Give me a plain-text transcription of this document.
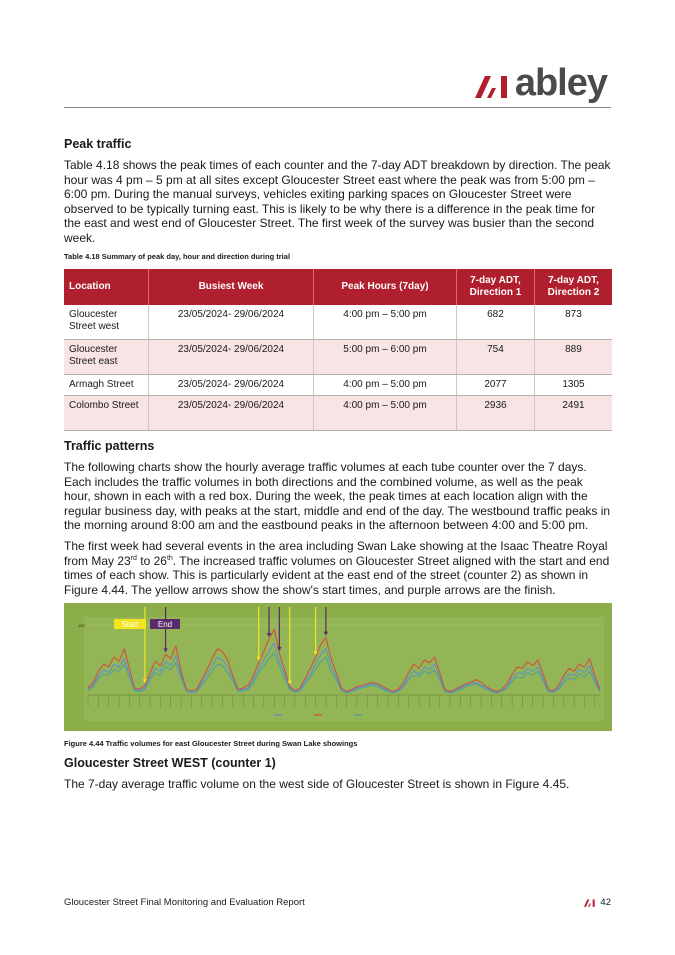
abley
Peak traffic

Table 4.18 shows the peak times of each counter and the 7-day ADT breakdown by direction. The peak hour was 4 pm – 5 pm at all sites except Gloucester Street east where the peak was from 5:00 pm – 6:00 pm. During the manual surveys, vehicles exiting parking spaces on Gloucester Street were observed to be typically turning east. This is likely to be why there is a difference in the peak time for the east and west end of Gloucester Street. The first week of the survey was busier than the second week.

Table 4.18 Summary of peak day, hour and direction during trial
Location	Busiest Week	Peak Hours (7day)	7-day ADT, Direction 1	7-day ADT, Direction 2
Gloucester Street west	23/05/2024- 29/06/2024	4:00 pm – 5:00 pm	682	873
Gloucester Street east	23/05/2024- 29/06/2024	5:00 pm – 6:00 pm	754	889
Armagh Street	23/05/2024- 29/06/2024	4:00 pm – 5:00 pm	2077	1305
Colombo Street	23/05/2024- 29/06/2024	4:00 pm – 5:00 pm	2936	2491
Traffic patterns

The following charts show the hourly average traffic volumes at each tube counter over the 7 days. Each includes the traffic volumes in both directions and the combined volume, as well as the peak hour, shown in each with a red box. During the week, the peak times at each location align with the regular business day, with peaks at the start, middle and end of the day. The westbound traffic peaks in the morning around 8:00 am and the eastbound peaks in the afternoon between 4:00 and 5:00 pm.

The first week had several events in the area including Swan Lake showing at the Isaac Theatre Royal from May 23rd to 26th. The increased traffic volumes on Gloucester Street aligned with the start and end times of each show. This is particularly evident at the east end of the street (counter 2) as shown in Figure 4.44. The yellow arrows show the show's start times, and purple arrows are the finish.

100	Start End
Figure 4.44 Traffic volumes for east Gloucester Street during Swan Lake showings
Gloucester Street WEST (counter 1)

The 7-day average traffic volume on the west side of Gloucester Street is shown in Figure 4.45.

Gloucester Street Final Monitoring and Evaluation Report	42
